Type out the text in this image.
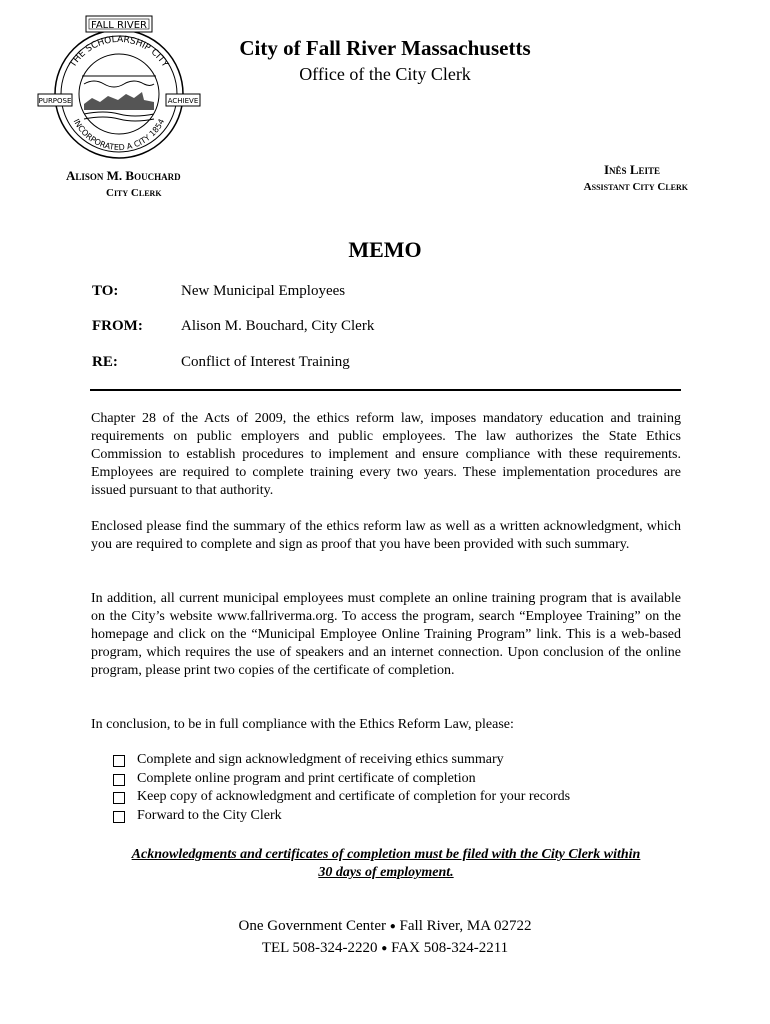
FALL RIVER
PURPOSE	ACHIEVE
THE SCHOLARSHIP CITY
INCORPORATED A CITY 1854
City of Fall River Massachusetts
Office of the City Clerk
Alison M. Bouchard
City Clerk
Inês Leite
Assistant City Clerk
MEMO
TO:	New Municipal Employees
FROM:	Alison M. Bouchard, City Clerk
RE:	Conflict of Interest Training
Chapter 28 of the Acts of 2009, the ethics reform law, imposes mandatory education and training requirements on public employers and public employees. The law authorizes the State Ethics Commission to establish procedures to implement and ensure compliance with these requirements. Employees are required to complete training every two years. These implementation procedures are issued pursuant to that authority.
Enclosed please find the summary of the ethics reform law as well as a written acknowledgment, which you are required to complete and sign as proof that you have been provided with such summary.
In addition, all current municipal employees must complete an online training program that is available on the City’s website www.fallriverma.org. To access the program, search “Employee Training” on the homepage and click on the “Municipal Employee Online Training Program” link. This is a web-based program, which requires the use of speakers and an internet connection. Upon conclusion of the online program, please print two copies of the certificate of completion.
In conclusion, to be in full compliance with the Ethics Reform Law, please:
Complete and sign acknowledgment of receiving ethics summary
Complete online program and print certificate of completion
Keep copy of acknowledgment and certificate of completion for your records
Forward to the City Clerk
Acknowledgments and certificates of completion must be filed with the City Clerk within
30 days of employment.
One Government Center ● Fall River, MA 02722
TEL 508-324-2220 ● FAX 508-324-2211
